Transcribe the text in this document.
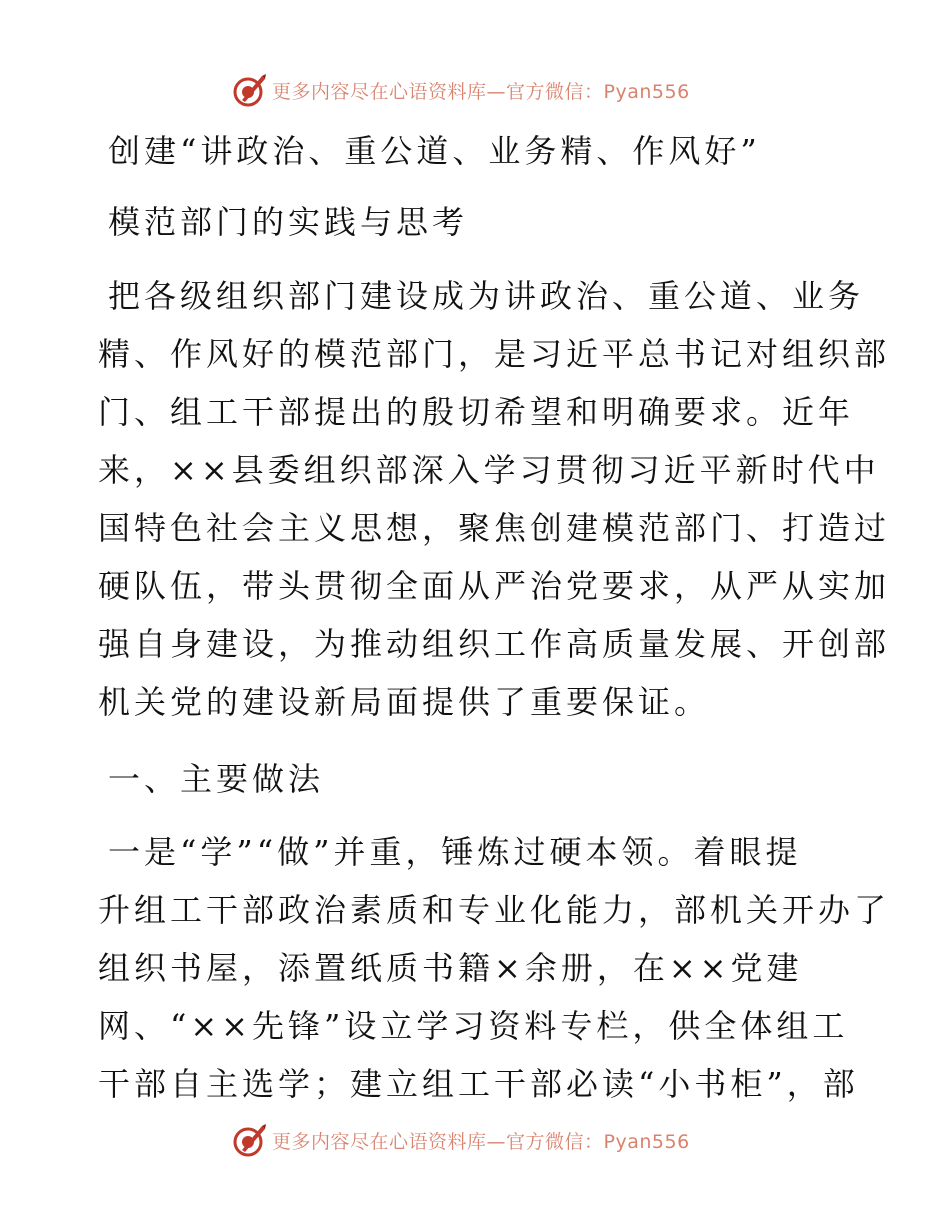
更多内容尽在心语资料库—官方微信：Pyan556
创建“讲政治、重公道、业务精、作风好”
模范部门的实践与思考
把各级组织部门建设成为讲政治、重公道、业务
精、作风好的模范部门，是习近平总书记对组织部
门、组工干部提出的殷切希望和明确要求。近年
来，××县委组织部深入学习贯彻习近平新时代中
国特色社会主义思想，聚焦创建模范部门、打造过
硬队伍，带头贯彻全面从严治党要求，从严从实加
强自身建设，为推动组织工作高质量发展、开创部
机关党的建设新局面提供了重要保证。
一、主要做法
一是“学”“做”并重，锤炼过硬本领。着眼提
升组工干部政治素质和专业化能力，部机关开办了
组织书屋，添置纸质书籍×余册，在××党建
网、“××先锋”设立学习资料专栏，供全体组工
干部自主选学；建立组工干部必读“小书柜”，部
更多内容尽在心语资料库—官方微信：Pyan556
